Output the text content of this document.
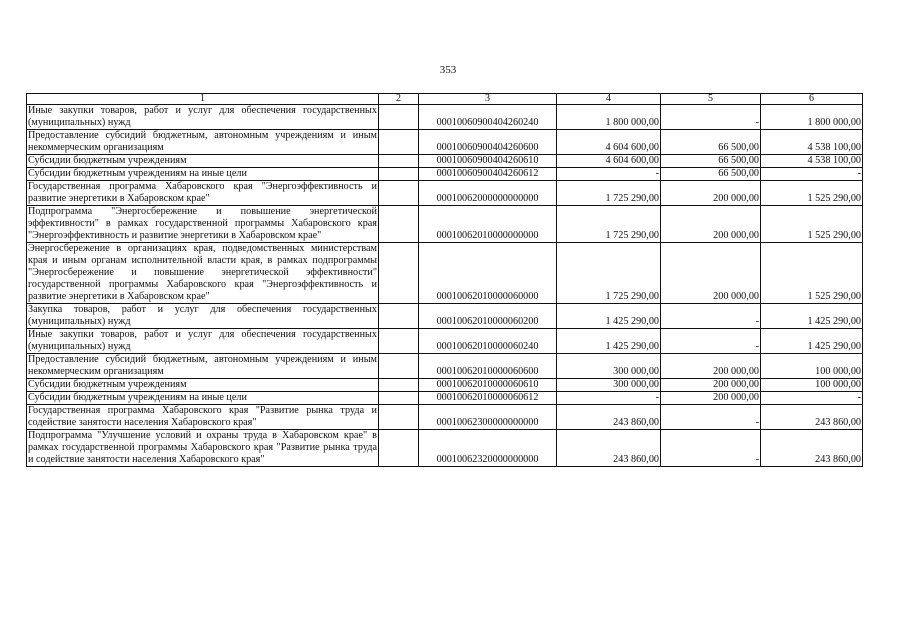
353
1	2	3	4	5	6
Иные закупки товаров, работ и услуг для обеспечения государственных (муниципальных) нужд		00010060900404260240	1 800 000,00	-	1 800 000,00
Предоставление субсидий бюджетным, автономным учреждениям и иным некоммерческим организациям		00010060900404260600	4 604 600,00	66 500,00	4 538 100,00
Субсидии бюджетным учреждениям		00010060900404260610	4 604 600,00	66 500,00	4 538 100,00
Субсидии бюджетным учреждениям на иные цели		00010060900404260612	-	66 500,00	-
Государственная программа Хабаровского края "Энергоэффективность и развитие энергетики в Хабаровском крае"		00010062000000000000	1 725 290,00	200 000,00	1 525 290,00
Подпрограмма "Энергосбережение и повышение энергетической эффективности" в рамках государственной программы Хабаровского края "Энергоэффективность и развитие энергетики в Хабаровском крае"		00010062010000000000	1 725 290,00	200 000,00	1 525 290,00
Энергосбережение в организациях края, подведомственных министерствам края и иным органам исполнительной власти края, в рамках подпрограммы "Энергосбережение и повышение энергетической эффективности" государственной программы Хабаровского края "Энергоэффективность и развитие энергетики в Хабаровском крае"		00010062010000060000	1 725 290,00	200 000,00	1 525 290,00
Закупка товаров, работ и услуг для обеспечения государственных (муниципальных) нужд		00010062010000060200	1 425 290,00	-	1 425 290,00
Иные закупки товаров, работ и услуг для обеспечения государственных (муниципальных) нужд		00010062010000060240	1 425 290,00	-	1 425 290,00
Предоставление субсидий бюджетным, автономным учреждениям и иным некоммерческим организациям		00010062010000060600	300 000,00	200 000,00	100 000,00
Субсидии бюджетным учреждениям		00010062010000060610	300 000,00	200 000,00	100 000,00
Субсидии бюджетным учреждениям на иные цели		00010062010000060612	-	200 000,00	-
Государственная программа Хабаровского края "Развитие рынка труда и содействие занятости населения Хабаровского края"		00010062300000000000	243 860,00	-	243 860,00
Подпрограмма "Улучшение условий и охраны труда в Хабаровском крае" в рамках государственной программы Хабаровского края "Развитие рынка труда и содействие занятости населения Хабаровского края"		00010062320000000000	243 860,00	-	243 860,00
